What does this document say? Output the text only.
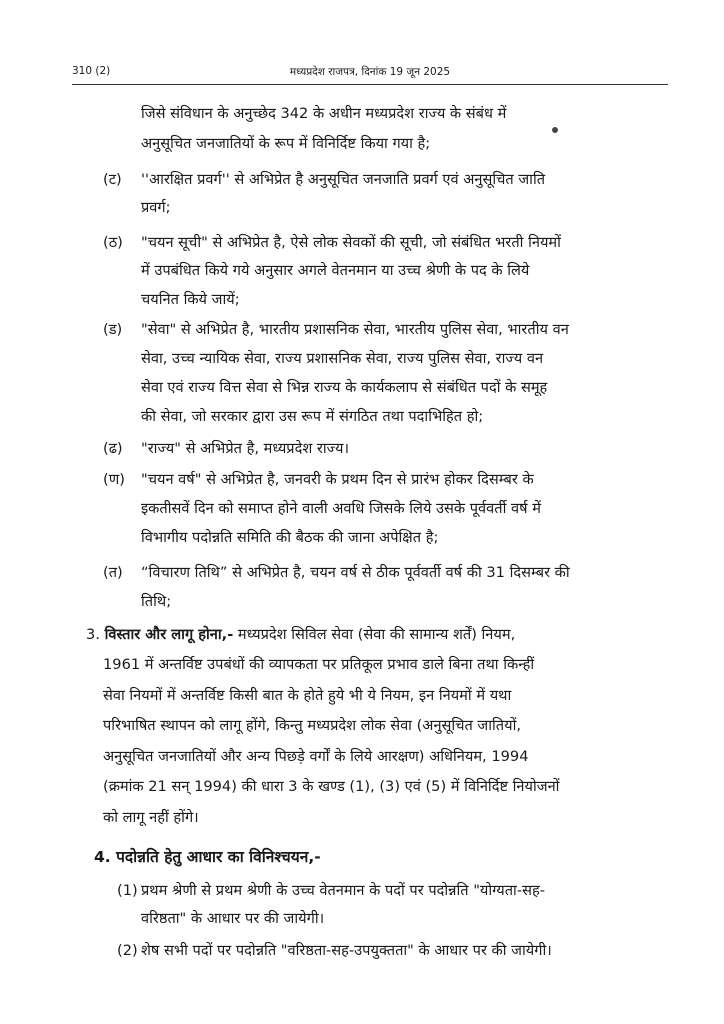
310 (2)	मध्यप्रदेश राजपत्र, दिनांक 19 जून 2025
जिसे संविधान के अनुच्छेद 342 के अधीन मध्यप्रदेश राज्य के संबंध में
अनुसूचित जनजातियों के रूप में विनिर्दिष्ट किया गया है;
(ट) ''आरक्षित प्रवर्ग'' से अभिप्रेत है अनुसूचित जनजाति प्रवर्ग एवं अनुसूचित जाति
प्रवर्ग;
(ठ) "चयन सूची" से अभिप्रेत है, ऐसे लोक सेवकों की सूची, जो संबंधित भरती नियमों
में उपबंधित किये गये अनुसार अगले वेतनमान या उच्च श्रेणी के पद के लिये
चयनित किये जायें;
(ड) "सेवा" से अभिप्रेत है, भारतीय प्रशासनिक सेवा, भारतीय पुलिस सेवा, भारतीय वन
सेवा, उच्च न्यायिक सेवा, राज्य प्रशासनिक सेवा, राज्य पुलिस सेवा, राज्य वन
सेवा एवं राज्य वित्त सेवा से भिन्न राज्य के कार्यकलाप से संबंधित पदों के समूह
की सेवा, जो सरकार द्वारा उस रूप में संगठित तथा पदाभिहित हो;
(ढ) "राज्य" से अभिप्रेत है, मध्यप्रदेश राज्य।
(ण) "चयन वर्ष" से अभिप्रेत है, जनवरी के प्रथम दिन से प्रारंभ होकर दिसम्बर के
इकतीसवें दिन को समाप्त होने वाली अवधि जिसके लिये उसके पूर्ववर्ती वर्ष में
विभागीय पदोन्नति समिति की बैठक की जाना अपेक्षित है;
(त) “विचारण तिथि” से अभिप्रेत है, चयन वर्ष से ठीक पूर्ववर्ती वर्ष की 31 दिसम्बर की
तिथि;
3. विस्तार और लागू होना,- मध्यप्रदेश सिविल सेवा (सेवा की सामान्य शर्तें) नियम,
1961 में अन्तर्विष्ट उपबंधों की व्यापकता पर प्रतिकूल प्रभाव डाले बिना तथा किन्हीं
सेवा नियमों में अन्तर्विष्ट किसी बात के होते हुये भी ये नियम, इन नियमों में यथा
परिभाषित स्थापन को लागू होंगे, किन्तु मध्यप्रदेश लोक सेवा (अनुसूचित जातियों,
अनुसूचित जनजातियों और अन्य पिछड़े वर्गों के लिये आरक्षण) अधिनियम, 1994
(क्रमांक 21 सन् 1994) की धारा 3 के खण्ड (1), (3) एवं (5) में विनिर्दिष्ट नियोजनों
को लागू नहीं होंगे।
4. पदोन्नति हेतु आधार का विनिश्चयन,-
(1) प्रथम श्रेणी से प्रथम श्रेणी के उच्च वेतनमान के पदों पर पदोन्नति "योग्यता-सह-
वरिष्ठता" के आधार पर की जायेगी।
(2) शेष सभी पदों पर पदोन्नति "वरिष्ठता-सह-उपयुक्तता" के आधार पर की जायेगी।
